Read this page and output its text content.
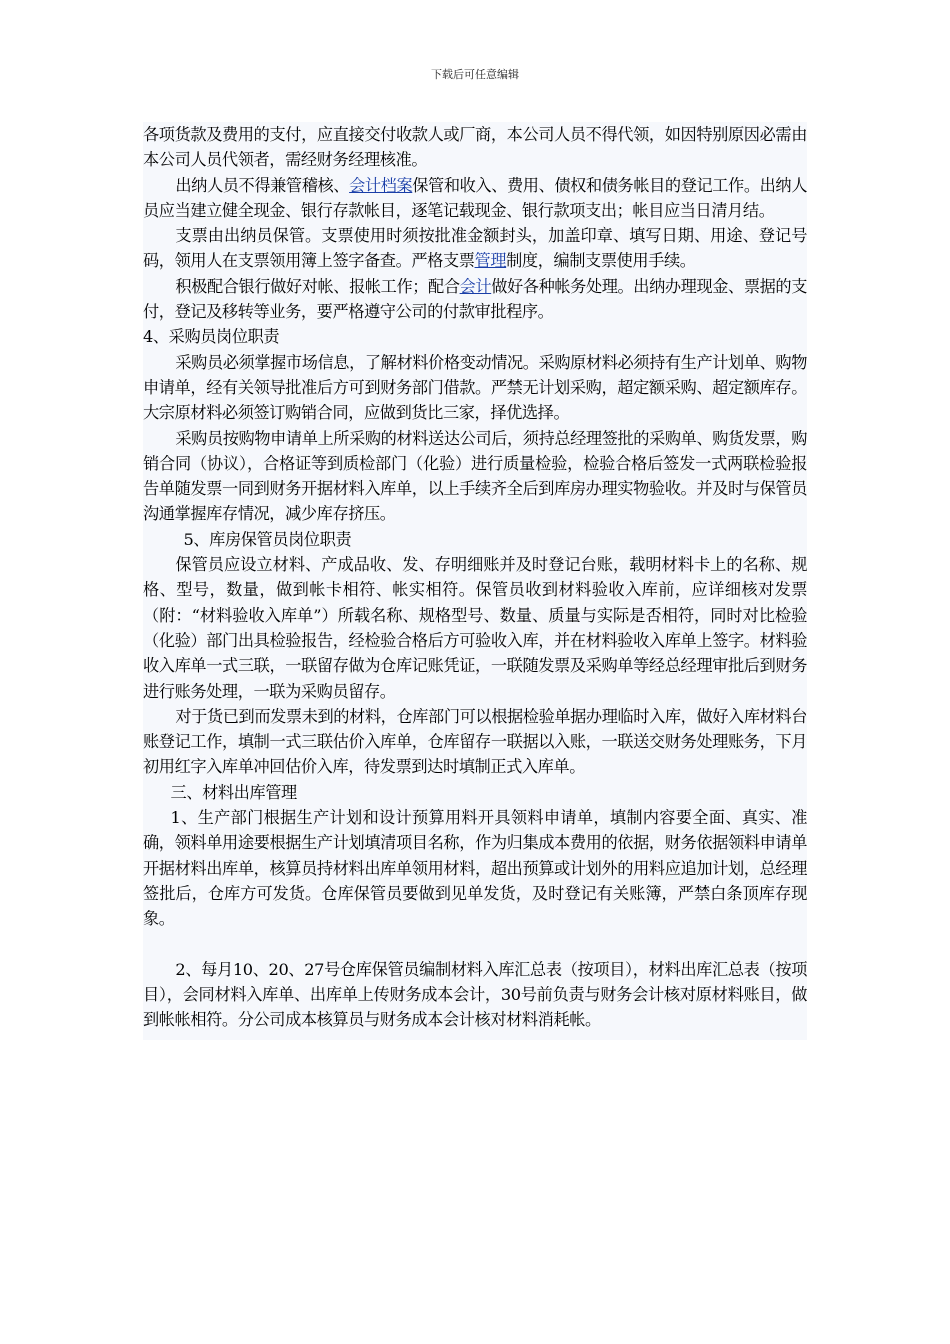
下载后可任意编辑

各项货款及费用的支付，应直接交付收款人或厂商，本公司人员不得代领，如因特别原因必需由本公司人员代领者，需经财务经理核准。

出纳人员不得兼管稽核、会计档案保管和收入、费用、债权和债务帐目的登记工作。出纳人员应当建立健全现金、银行存款帐目，逐笔记载现金、银行款项支出；帐目应当日清月结。

支票由出纳员保管。支票使用时须按批准金额封头，加盖印章、填写日期、用途、登记号码，领用人在支票领用簿上签字备查。严格支票管理制度，编制支票使用手续。

积极配合银行做好对帐、报帐工作；配合会计做好各种帐务处理。出纳办理现金、票据的支付，登记及移转等业务，要严格遵守公司的付款审批程序。

4、采购员岗位职责

采购员必须掌握市场信息，了解材料价格变动情况。采购原材料必须持有生产计划单、购物申请单，经有关领导批准后方可到财务部门借款。严禁无计划采购，超定额采购、超定额库存。大宗原材料必须签订购销合同，应做到货比三家，择优选择。

采购员按购物申请单上所采购的材料送达公司后，须持总经理签批的采购单、购货发票，购销合同（协议），合格证等到质检部门（化验）进行质量检验，检验合格后签发一式两联检验报告单随发票一同到财务开据材料入库单，以上手续齐全后到库房办理实物验收。并及时与保管员沟通掌握库存情况，减少库存挤压。

5、库房保管员岗位职责

保管员应设立材料、产成品收、发、存明细账并及时登记台账，载明材料卡上的名称、规格、型号，数量，做到帐卡相符、帐实相符。保管员收到材料验收入库前，应详细核对发票（附：“材料验收入库单”）所载名称、规格型号、数量、质量与实际是否相符，同时对比检验（化验）部门出具检验报告，经检验合格后方可验收入库，并在材料验收入库单上签字。材料验收入库单一式三联，一联留存做为仓库记账凭证，一联随发票及采购单等经总经理审批后到财务进行账务处理，一联为采购员留存。

对于货已到而发票未到的材料，仓库部门可以根据检验单据办理临时入库，做好入库材料台账登记工作，填制一式三联估价入库单，仓库留存一联据以入账，一联送交财务处理账务，下月初用红字入库单冲回估价入库，待发票到达时填制正式入库单。

三、材料出库管理

1、生产部门根据生产计划和设计预算用料开具领料申请单，填制内容要全面、真实、准确，领料单用途要根据生产计划填清项目名称，作为归集成本费用的依据，财务依据领料申请单开据材料出库单，核算员持材料出库单领用材料，超出预算或计划外的用料应追加计划，总经理签批后，仓库方可发货。仓库保管员要做到见单发货，及时登记有关账簿，严禁白条顶库存现象。

2、每月10、20、27号仓库保管员编制材料入库汇总表（按项目），材料出库汇总表（按项目），会同材料入库单、出库单上传财务成本会计，30号前负责与财务会计核对原材料账目，做到帐帐相符。分公司成本核算员与财务成本会计核对材料消耗帐。
